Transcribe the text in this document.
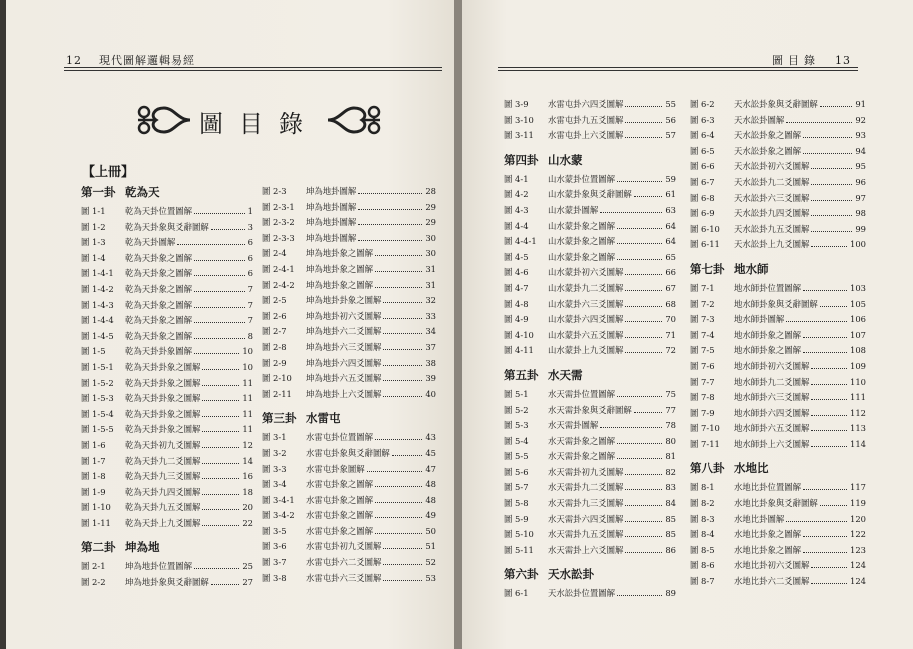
12 現代圖解邏輯易經
圖目錄
【上冊】
第一卦 乾為天
圖 1-1 乾為天卦位置圖解	1
圖 1-2 乾為天卦象與爻辭圖解	3
圖 1-3 乾為天卦圖解	6
圖 1-4 乾為天卦象之圖解	6
圖 1-4-1 乾為天卦象之圖解	6
圖 1-4-2 乾為天卦象之圖解	7
圖 1-4-3 乾為天卦象之圖解	7
圖 1-4-4 乾為天卦象之圖解	7
圖 1-4-5 乾為天卦象之圖解	8
圖 1-5 乾為天卦卦象圖解	10
圖 1-5-1 乾為天卦卦象之圖解	10
圖 1-5-2 乾為天卦卦象之圖解	11
圖 1-5-3 乾為天卦卦象之圖解	11
圖 1-5-4 乾為天卦卦象之圖解	11
圖 1-5-5 乾為天卦卦象之圖解	11
圖 1-6 乾為天卦初九爻圖解	12
圖 1-7 乾為天卦九二爻圖解	14
圖 1-8 乾為天卦九三爻圖解	16
圖 1-9 乾為天卦九四爻圖解	18
圖 1-10 乾為天卦九五爻圖解	20
圖 1-11 乾為天卦上九爻圖解	22
第二卦 坤為地
圖 2-1 坤為地卦位置圖解	25
圖 2-2 坤為地卦象與爻辭圖解	27
圖 2-3 坤為地卦圖解	28
圖 2-3-1 坤為地卦圖解	29
圖 2-3-2 坤為地卦圖解	29
圖 2-3-3 坤為地卦圖解	30
圖 2-4 坤為地卦象之圖解	30
圖 2-4-1 坤為地卦象之圖解	31
圖 2-4-2 坤為地卦象之圖解	31
圖 2-5 坤為地卦卦象之圖解	32
圖 2-6 坤為地卦初六爻圖解	33
圖 2-7 坤為地卦六二爻圖解	34
圖 2-8 坤為地卦六三爻圖解	37
圖 2-9 坤為地卦六四爻圖解	38
圖 2-10 坤為地卦六五爻圖解	39
圖 2-11 坤為地卦上六爻圖解	40
第三卦 水雷屯
圖 3-1 水雷屯卦位置圖解	43
圖 3-2 水雷屯卦象與爻辭圖解	45
圖 3-3 水雷屯卦象圖解	47
圖 3-4 水雷屯卦象之圖解	48
圖 3-4-1 水雷屯卦象之圖解	48
圖 3-4-2 水雷屯卦象之圖解	49
圖 3-5 水雷屯卦象之圖解	50
圖 3-6 水雷屯卦初九爻圖解	51
圖 3-7 水雷屯卦六二爻圖解	52
圖 3-8 水雷屯卦六三爻圖解	53
圖目錄 13
圖 3-9 水雷屯卦六四爻圖解	55
圖 3-10 水雷屯卦九五爻圖解	56
圖 3-11 水雷屯卦上六爻圖解	57
第四卦 山水蒙
圖 4-1 山水蒙卦位置圖解	59
圖 4-2 山水蒙卦象與爻辭圖解	61
圖 4-3 山水蒙卦圖解	63
圖 4-4 山水蒙卦象之圖解	64
圖 4-4-1 山水蒙卦象之圖解	64
圖 4-5 山水蒙卦象之圖解	65
圖 4-6 山水蒙卦初六爻圖解	66
圖 4-7 山水蒙卦九二爻圖解	67
圖 4-8 山水蒙卦六三爻圖解	68
圖 4-9 山水蒙卦六四爻圖解	70
圖 4-10 山水蒙卦六五爻圖解	71
圖 4-11 山水蒙卦上九爻圖解	72
第五卦 水天需
圖 5-1 水天需卦位置圖解	75
圖 5-2 水天需卦象與爻辭圖解	77
圖 5-3 水天需卦圖解	78
圖 5-4 水天需卦象之圖解	80
圖 5-5 水天需卦象之圖解	81
圖 5-6 水天需卦初九爻圖解	82
圖 5-7 水天需卦九二爻圖解	83
圖 5-8 水天需卦九三爻圖解	84
圖 5-9 水天需卦六四爻圖解	85
圖 5-10 水天需卦九五爻圖解	85
圖 5-11 水天需卦上六爻圖解	86
第六卦 天水訟卦
圖 6-1 天水訟卦位置圖解	89
圖 6-2 天水訟卦象與爻辭圖解	91
圖 6-3 天水訟卦圖解	92
圖 6-4 天水訟卦象之圖解	93
圖 6-5 天水訟卦象之圖解	94
圖 6-6 天水訟卦初六爻圖解	95
圖 6-7 天水訟卦九二爻圖解	96
圖 6-8 天水訟卦六三爻圖解	97
圖 6-9 天水訟卦九四爻圖解	98
圖 6-10 天水訟卦九五爻圖解	99
圖 6-11 天水訟卦上九爻圖解	100
第七卦 地水師
圖 7-1 地水師卦位置圖解	103
圖 7-2 地水師卦象與爻辭圖解	105
圖 7-3 地水師卦圖解	106
圖 7-4 地水師卦象之圖解	107
圖 7-5 地水師卦象之圖解	108
圖 7-6 地水師卦初六爻圖解	109
圖 7-7 地水師卦九二爻圖解	110
圖 7-8 地水師卦六三爻圖解	111
圖 7-9 地水師卦六四爻圖解	112
圖 7-10 地水師卦六五爻圖解	113
圖 7-11 地水師卦上六爻圖解	114
第八卦 水地比
圖 8-1 水地比卦位置圖解	117
圖 8-2 水地比卦象與爻辭圖解	119
圖 8-3 水地比卦圖解	120
圖 8-4 水地比卦象之圖解	122
圖 8-5 水地比卦象之圖解	123
圖 8-6 水地比卦初六爻圖解	124
圖 8-7 水地比卦六二爻圖解	124
